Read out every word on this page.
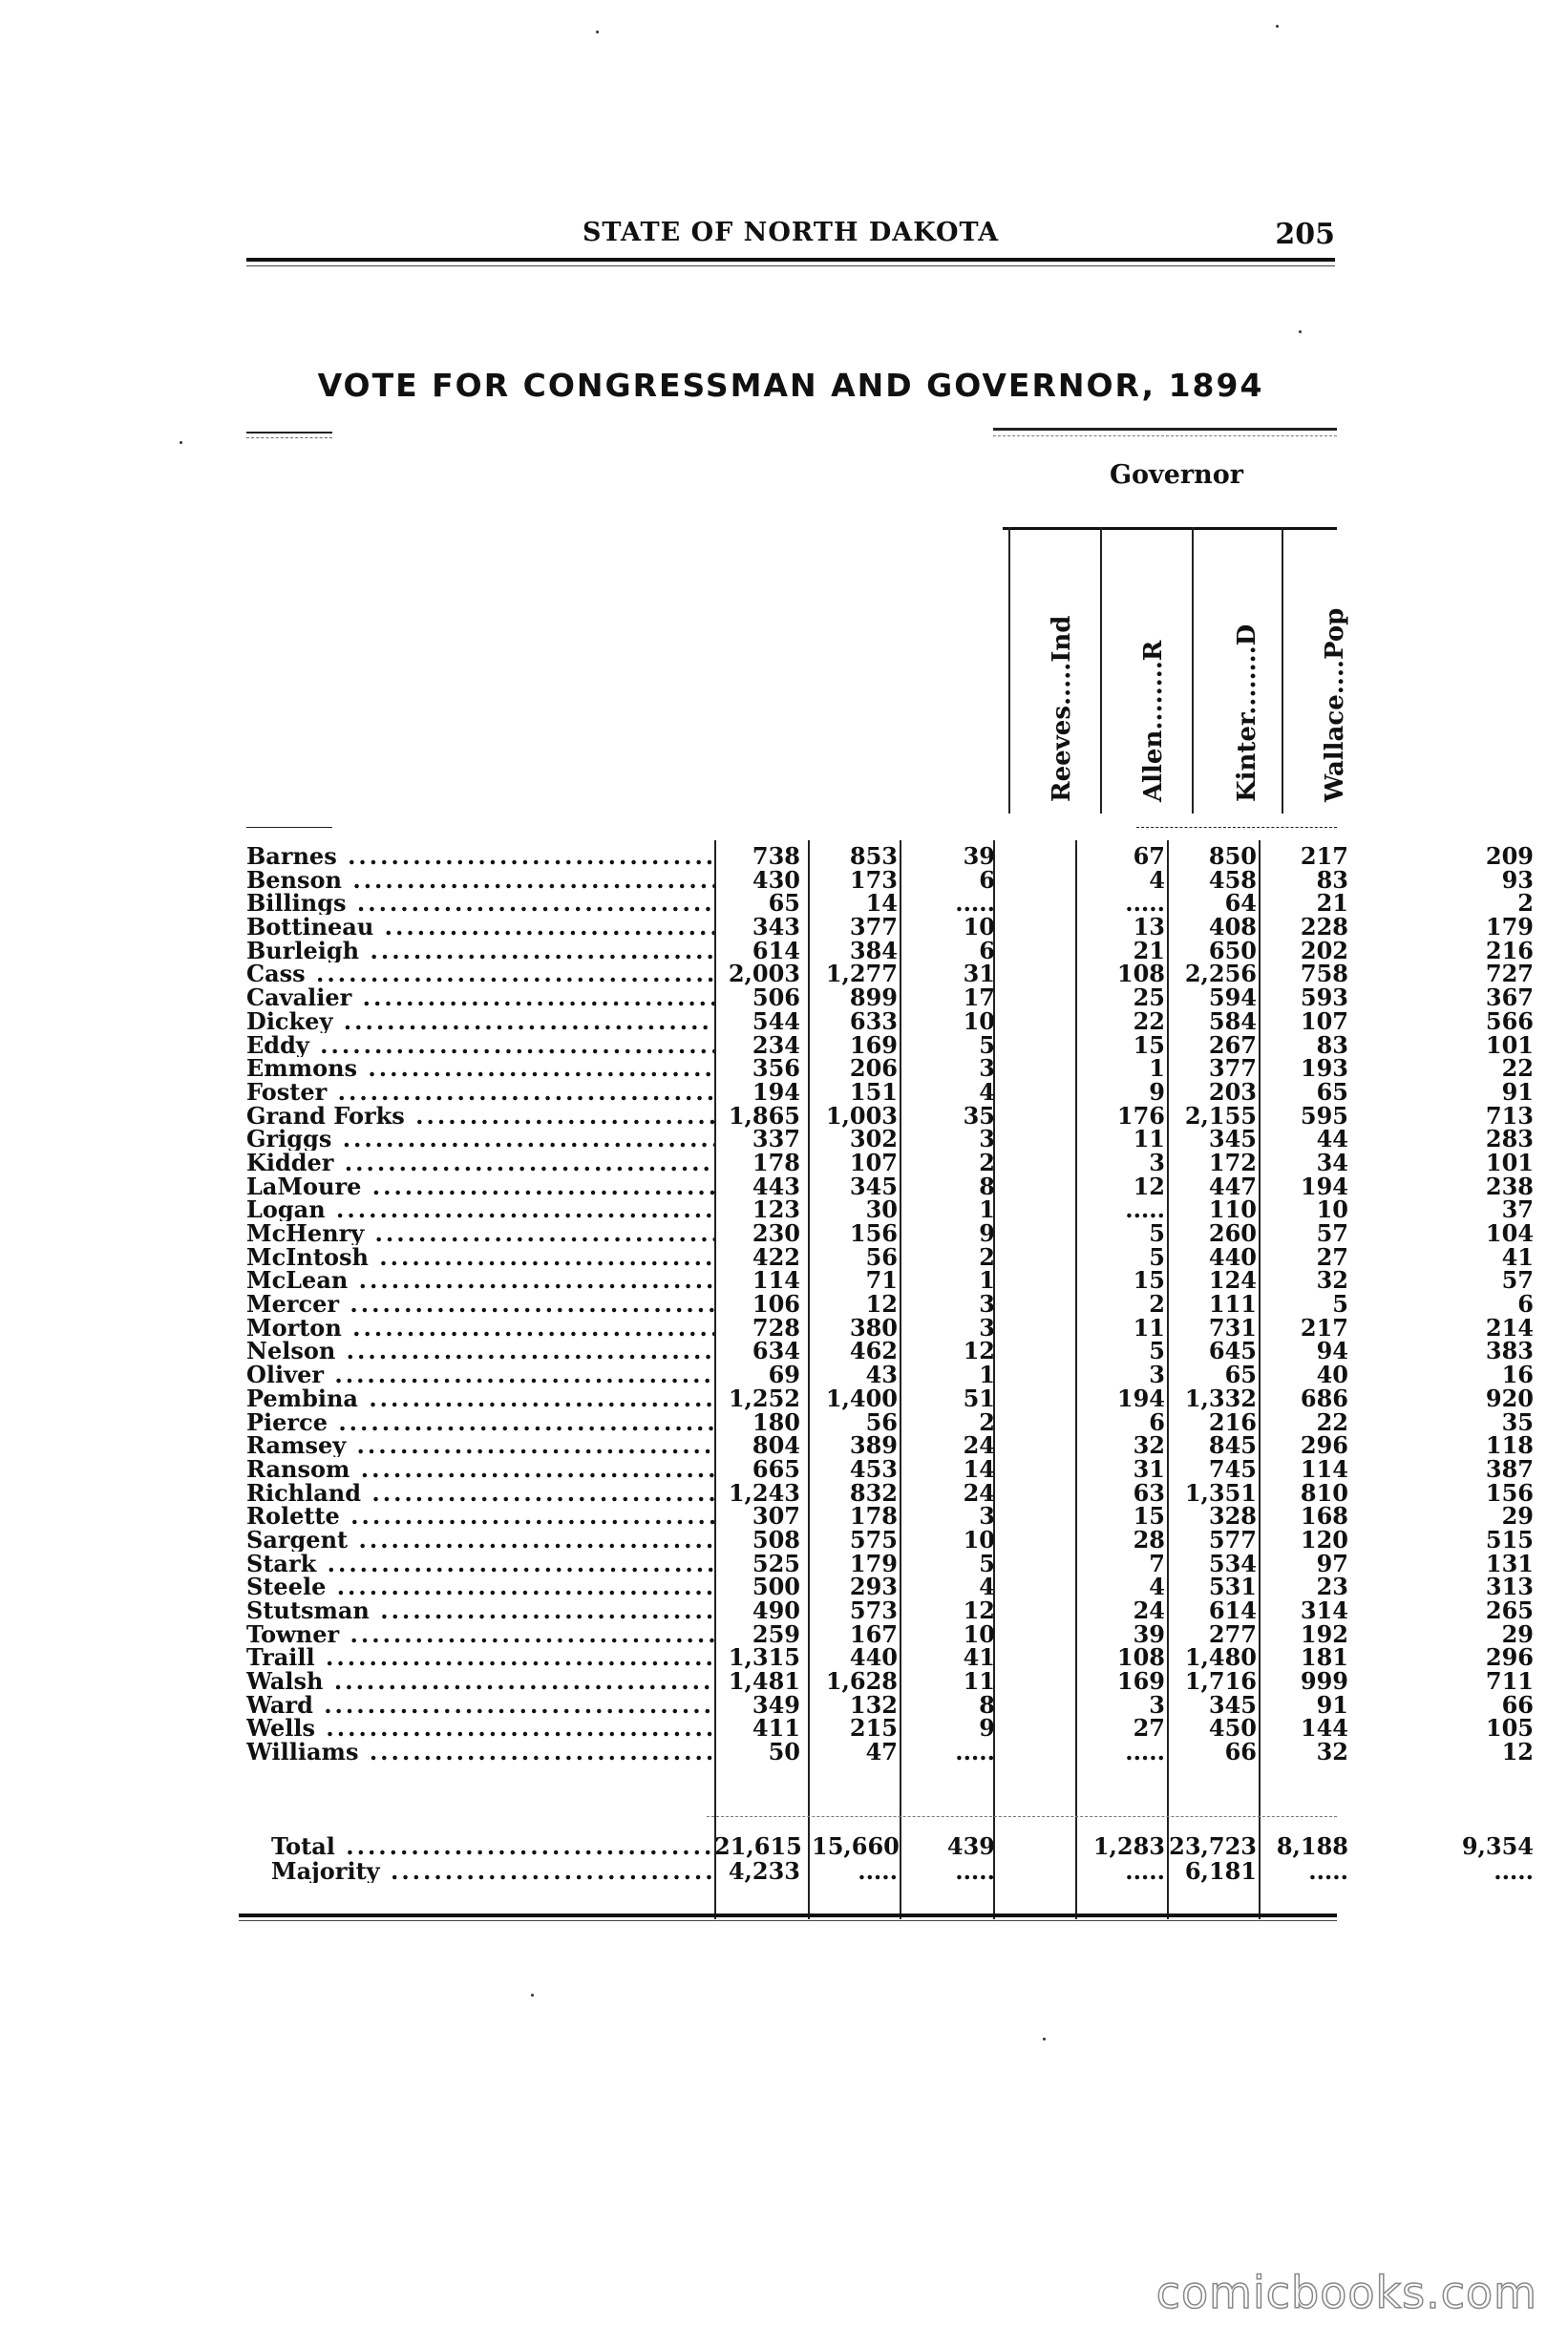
STATE OF NORTH DAKOTA	205
VOTE FOR CONGRESSMAN AND GOVERNOR, 1894
Governor
Reeves.....Ind	Allen........R	Kinter........D	Wallace....Pop
Barnes .....	738	853	39	67	850	217	209
Benson .....	430	173	6	4	458	83	93
Billings .....	65	14	.....	.....	64	21	2
Bottineau .....	343	377	10	13	408	228	179
Burleigh .....	614	384	6	21	650	202	216
Cass .....	2,003	1,277	31	108 2,256	758	727
Cavalier .....	506	899	17	25	594	593	367
Dickey .....	544	633	10	22	584	107	566
Eddy .....	234	169	5	15	267	83	101
Emmons .....	356	206	3	1	377	193	22
Foster .....	194	151	4	9	203	65	91
Grand Forks .....	1,865	1,003	35	176 2,155	595	713
Griggs .....	337	302	3	11	345	44	283
Kidder .....	178	107	2	3	172	34	101
LaMoure .....	443	345	8	12	447	194	238
Logan .....	123	30	1	.....	110	10	37
McHenry .....	230	156	9	5	260	57	104
McIntosh .....	422	56	2	5	440	27	41
McLean .....	114	71	1	15	124	32	57
Mercer .....	106	12	3	2	111	5	6
Morton .....	728	380	3	11	731	217	214
Nelson .....	634	462	12	5	645	94	383
Oliver .....	69	43	1	3	65	40	16
Pembina .....	1,252	1,400	51	194 1,332	686	920
Pierce .....	180	56	2	6	216	22	35
Ramsey .....	804	389	24	32	845	296	118
Ransom .....	665	453	14	31	745	114	387
Richland .....	1,243	832	24	63 1,351	810	156
Rolette .....	307	178	3	15	328	168	29
Sargent .....	508	575	10	28	577	120	515
Stark .....	525	179	5	7	534	97	131
Steele .....	500	293	4	4	531	23	313
Stutsman .....	490	573	12	24	614	314	265
Towner .....	259	167	10	39	277	192	29
Traill .....	1,315	440	41	108 1,480	181	296
Walsh .....	1,481	1,628	11	169 1,716	999	711
Ward .....	349	132	8	3	345	91	66
Wells .....	411	215	9	27	450	144	105
Williams .....	50	47	.....	.....	66	32	12
Total .....	21,615 15,660	439	1,283 23,723 8,188	9,354
Majority .....	4,233	.....	.....	..... 6,181	.....	.....
comicbooks.com
